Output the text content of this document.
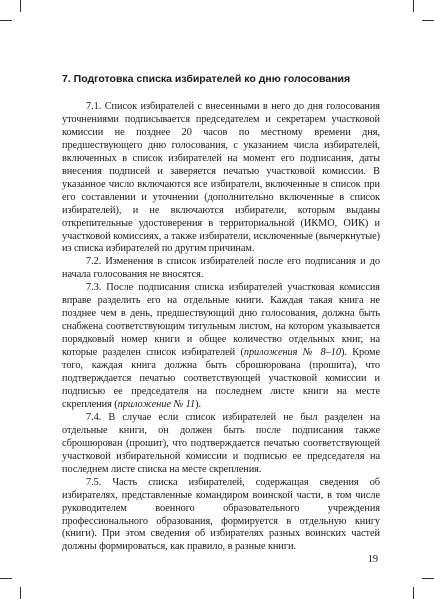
7. Подготовка списка избирателей ко дню голосования

7.1. Список избирателей с внесенными в него до дня голосования уточнениями подписывается председателем и секретарем участковой комиссии не позднее 20 часов по местному времени дня, предшествующего дню голосования, с указанием числа избирателей, включенных в список избирателей на момент его подписания, даты внесения подписей и заверяется печатью участковой комиссии. В указанное число включаются все избиратели, включенные в список при его составлении и уточнении (дополнительно включенные в список избирателей), и не включаются избиратели, которым выданы открепительные удостоверения в территориальной (ИКМО, ОИК) и участковой комиссиях, а также избиратели, исключенные (вычеркнутые) из списка избирателей по другим причинам.

7.2. Изменения в список избирателей после его подписания и до начала голосования не вносятся.

7.3. После подписания списка избирателей участковая комиссия вправе разделить его на отдельные книги. Каждая такая книга не позднее чем в день, предшествующий дню голосования, должна быть снабжена соответствующим титульным листом, на котором указывается порядковый номер книги и общее количество отдельных книг, на которые разделен список избирателей (приложения № 8–10). Кроме того, каждая книга должна быть сброшюрована (прошита), что подтверждается печатью соответствующей участковой комиссии и подписью ее председателя на последнем листе книги на месте скрепления (приложение № 11).

7.4. В случае если список избирателей не был разделен на отдельные книги, он должен быть после подписания также сброшюрован (прошит), что подтверждается печатью соответствующей участковой избирательной комиссии и подписью ее председателя на последнем листе списка на месте скрепления.

7.5. Часть списка избирателей, содержащая сведения об избирателях, представленные командиром воинской части, в том числе руководителем военного образовательного учреждения профессионального образования, формируется в отдельную книгу (книги). При этом сведения об избирателях разных воинских частей должны формироваться, как правило, в разные книги.

19
